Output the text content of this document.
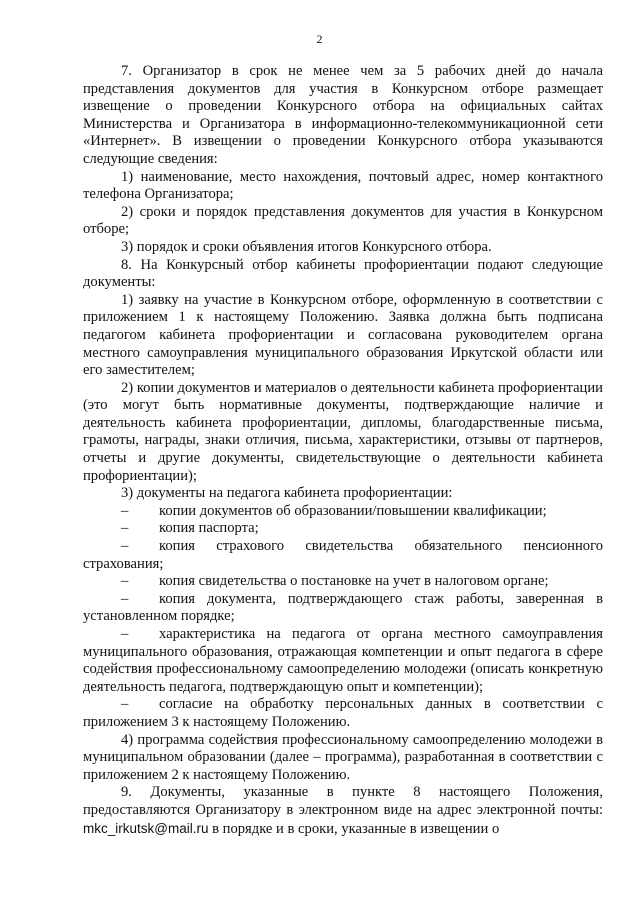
2

7. Организатор в срок не менее чем за 5 рабочих дней до начала представления документов для участия в Конкурсном отборе размещает извещение о проведении Конкурсного отбора на официальных сайтах Министерства и Организатора в информационно-телекоммуникационной сети «Интернет». В извещении о проведении Конкурсного отбора указываются следующие сведения:

1) наименование, место нахождения, почтовый адрес, номер контактного телефона Организатора;

2) сроки и порядок представления документов для участия в Конкурсном отборе;

3) порядок и сроки объявления итогов Конкурсного отбора.

8. На Конкурсный отбор кабинеты профориентации подают следующие документы:

1) заявку на участие в Конкурсном отборе, оформленную в соответствии с приложением 1 к настоящему Положению. Заявка должна быть подписана педагогом кабинета профориентации и согласована руководителем органа местного самоуправления муниципального образования Иркутской области или его заместителем;

2) копии документов и материалов о деятельности кабинета профориентации (это могут быть нормативные документы, подтверждающие наличие и деятельность кабинета профориентации, дипломы, благодарственные письма, грамоты, награды, знаки отличия, письма, характеристики, отзывы от партнеров, отчеты и другие документы, свидетельствующие о деятельности кабинета профориентации);

3) документы на педагога кабинета профориентации:

– копии документов об образовании/повышении квалификации;

– копия паспорта;

– копия страхового свидетельства обязательного пенсионного страхования;

– копия свидетельства о постановке на учет в налоговом органе;

– копия документа, подтверждающего стаж работы, заверенная в установленном порядке;

– характеристика на педагога от органа местного самоуправления муниципального образования, отражающая компетенции и опыт педагога в сфере содействия профессиональному самоопределению молодежи (описать конкретную деятельность педагога, подтверждающую опыт и компетенции);

– согласие на обработку персональных данных в соответствии с приложением 3 к настоящему Положению.

4) программа содействия профессиональному самоопределению молодежи в муниципальном образовании (далее – программа), разработанная в соответствии с приложением 2 к настоящему Положению.

9. Документы, указанные в пункте 8 настоящего Положения, предоставляются Организатору в электронном виде на адрес электронной почты: mkc_irkutsk@mail.ru в порядке и в сроки, указанные в извещении о
